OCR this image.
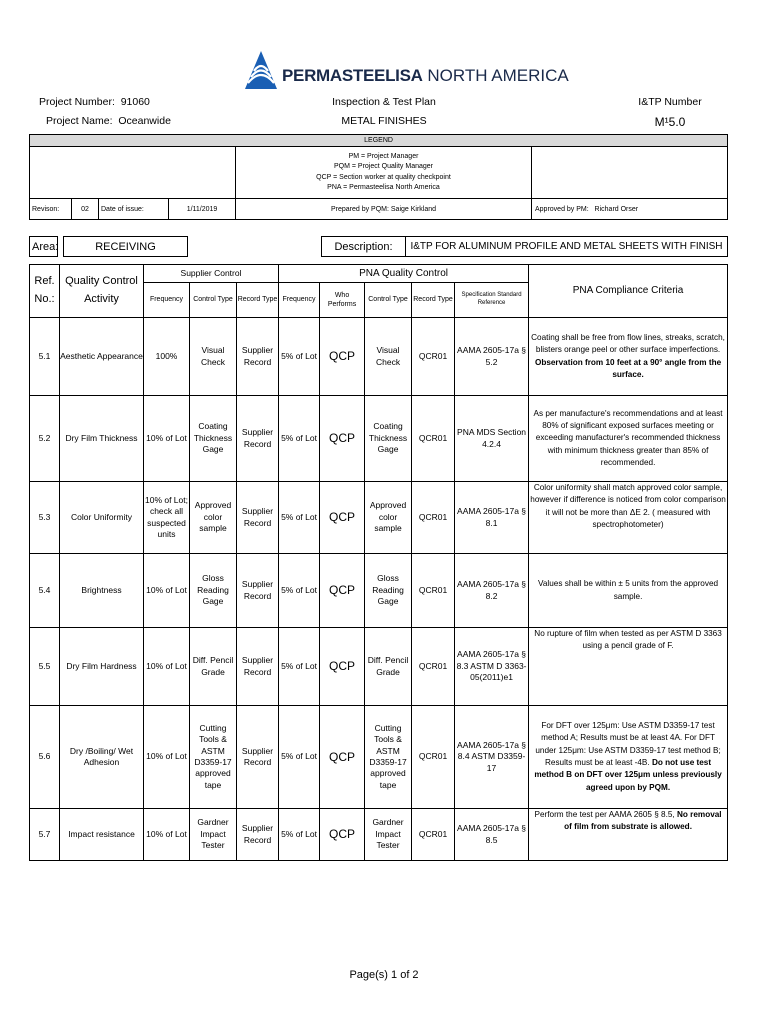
PERMASTEELISA NORTH AMERICA
Project Number: 91060
Project Name: Oceanwide
Inspection & Test Plan
METAL FINISHES
I&TP Number
M¹5.0
LEGEND					

				PM = Project Manager
PQM = Project Quality Manager
QCP = Section worker at quality checkpoint
PNA = Permasteelisa North America	

Revison:	02	Date of issue:	1/11/2019	Prepared by PQM: Saige Kirkland	Approved by PM: Richard Orser
Area:		RECEIVING		Description:	I&TP FOR ALUMINUM PROFILE AND METAL SHEETS WITH FINISH
Ref. No.:	Quality Control Activity	Supplier Control			PNA Quality Control					PNA Compliance Criteria
		Frequency	Control Type	Record Type	Frequency	Who Performs	Control Type	Record Type	Specification Standard Reference	
5.1	Aesthetic Appearance	100%	Visual Check	Supplier Record	5% of Lot	QCP	Visual Check	QCR01	AAMA 2605-17a § 5.2	Coating shall be free from flow lines, streaks, scratch, blisters orange peel or other surface imperfections. Observation from 10 feet at a 90° angle from the surface.
5.2	Dry Film Thickness	10% of Lot	Coating Thickness Gage	Supplier Record	5% of Lot	QCP	Coating Thickness Gage	QCR01	PNA MDS Section 4.2.4	As per manufacture's recommendations and at least 80% of significant exposed surfaces meeting or exceeding manufacturer's recommended thickness with minimum thickness greater than 85% of recommended.
5.3	Color Uniformity	10% of Lot; check all suspected units	Approved color sample	Supplier Record	5% of Lot	QCP	Approved color sample	QCR01	AAMA 2605-17a § 8.1	Color uniformity shall match approved color sample, however if difference is noticed from color comparison it will not be more than ΔE 2. ( measured with spectrophotometer)
5.4	Brightness	10% of Lot	Gloss Reading Gage	Supplier Record	5% of Lot	QCP	Gloss Reading Gage	QCR01	AAMA 2605-17a § 8.2	Values shall be within ± 5 units from the approved sample.
5.5	Dry Film Hardness	10% of Lot	Diff. Pencil Grade	Supplier Record	5% of Lot	QCP	Diff. Pencil Grade	QCR01	AAMA 2605-17a § 8.3 ASTM D 3363-05(2011)e1	No rupture of film when tested as per ASTM D 3363 using a pencil grade of F.
5.6	Dry /Boiling/ Wet Adhesion	10% of Lot	Cutting Tools & ASTM D3359-17 approved tape	Supplier Record	5% of Lot	QCP	Cutting Tools & ASTM D3359-17 approved tape	QCR01	AAMA 2605-17a § 8.4 ASTM D3359-17	For DFT over 125μm: Use ASTM D3359-17 test method A; Results must be at least 4A. For DFT under 125μm: Use ASTM D3359-17 test method B; Results must be at least -4B. Do not use test method B on DFT over 125μm unless previously agreed upon by PQM.
5.7	Impact resistance	10% of Lot	Gardner Impact Tester	Supplier Record	5% of Lot	QCP	Gardner Impact Tester	QCR01	AAMA 2605-17a § 8.5	Perform the test per AAMA 2605 § 8.5, No removal of film from substrate is allowed.
Page(s) 1 of 2
